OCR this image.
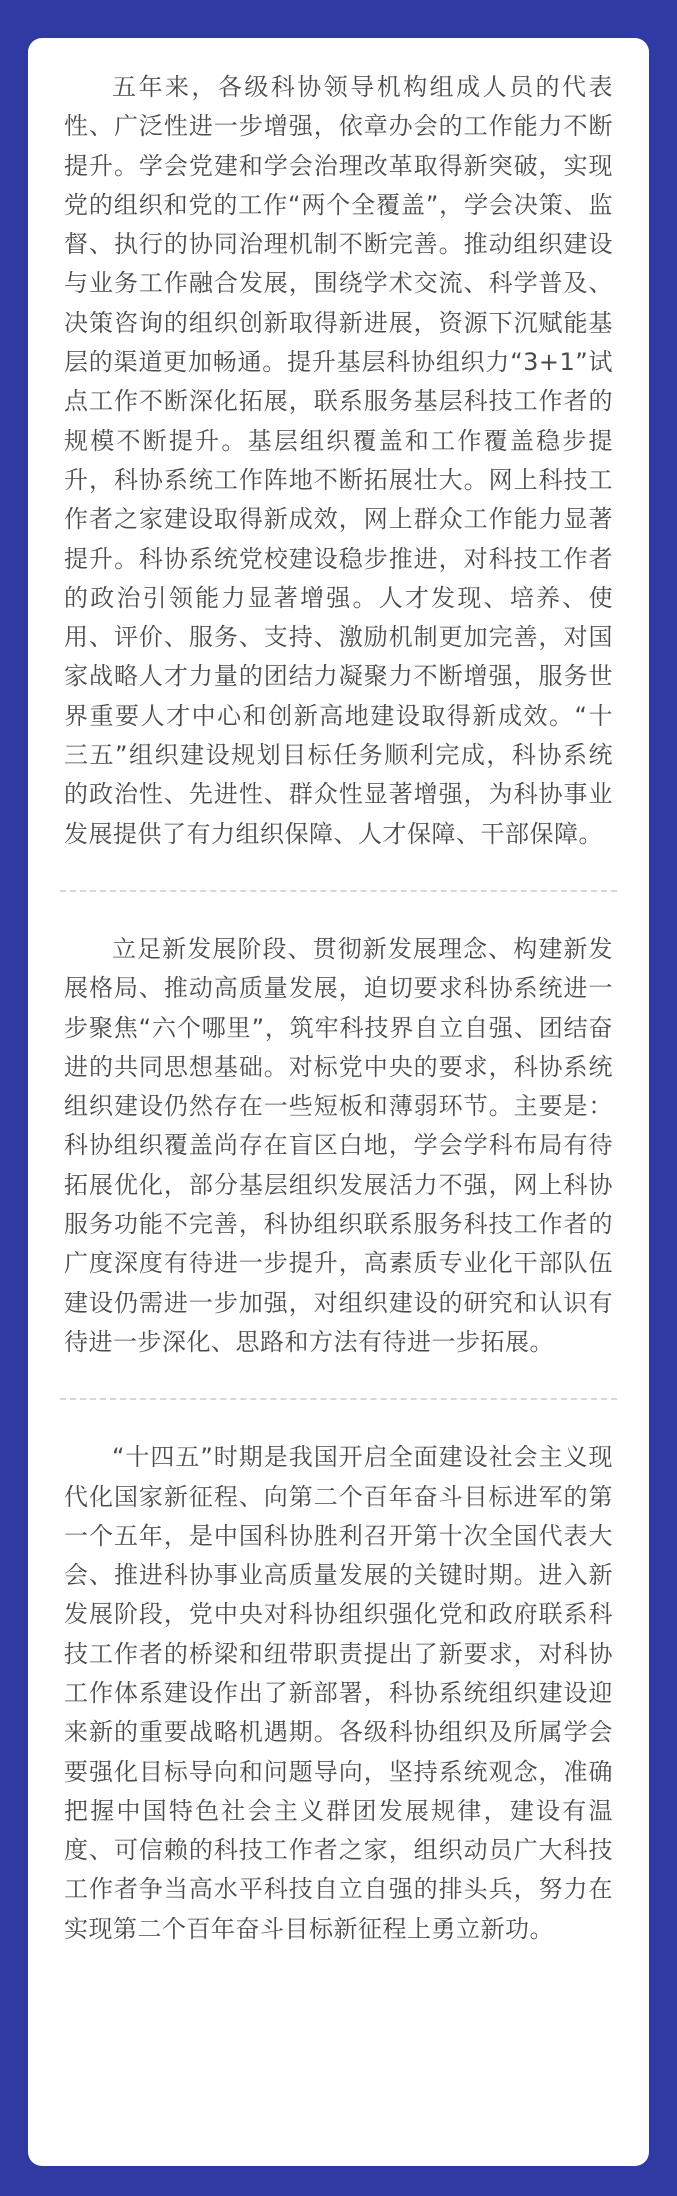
五年来，各级科协领导机构组成人员的代表性、广泛性进一步增强，依章办会的工作能力不断提升。学会党建和学会治理改革取得新突破，实现党的组织和党的工作“两个全覆盖”，学会决策、监督、执行的协同治理机制不断完善。推动组织建设与业务工作融合发展，围绕学术交流、科学普及、决策咨询的组织创新取得新进展，资源下沉赋能基层的渠道更加畅通。提升基层科协组织力“3+1”试点工作不断深化拓展，联系服务基层科技工作者的规模不断提升。基层组织覆盖和工作覆盖稳步提升，科协系统工作阵地不断拓展壮大。网上科技工作者之家建设取得新成效，网上群众工作能力显著提升。科协系统党校建设稳步推进，对科技工作者的政治引领能力显著增强。人才发现、培养、使用、评价、服务、支持、激励机制更加完善，对国家战略人才力量的团结力凝聚力不断增强，服务世界重要人才中心和创新高地建设取得新成效。“十三五”组织建设规划目标任务顺利完成，科协系统的政治性、先进性、群众性显著增强，为科协事业发展提供了有力组织保障、人才保障、干部保障。

立足新发展阶段、贯彻新发展理念、构建新发展格局、推动高质量发展，迫切要求科协系统进一步聚焦“六个哪里”，筑牢科技界自立自强、团结奋进的共同思想基础。对标党中央的要求，科协系统组织建设仍然存在一些短板和薄弱环节。主要是：科协组织覆盖尚存在盲区白地，学会学科布局有待拓展优化，部分基层组织发展活力不强，网上科协服务功能不完善，科协组织联系服务科技工作者的广度深度有待进一步提升，高素质专业化干部队伍建设仍需进一步加强，对组织建设的研究和认识有待进一步深化、思路和方法有待进一步拓展。

“十四五”时期是我国开启全面建设社会主义现代化国家新征程、向第二个百年奋斗目标进军的第一个五年，是中国科协胜利召开第十次全国代表大会、推进科协事业高质量发展的关键时期。进入新发展阶段，党中央对科协组织强化党和政府联系科技工作者的桥梁和纽带职责提出了新要求，对科协工作体系建设作出了新部署，科协系统组织建设迎来新的重要战略机遇期。各级科协组织及所属学会要强化目标导向和问题导向，坚持系统观念，准确把握中国特色社会主义群团发展规律，建设有温度、可信赖的科技工作者之家，组织动员广大科技工作者争当高水平科技自立自强的排头兵，努力在实现第二个百年奋斗目标新征程上勇立新功。
